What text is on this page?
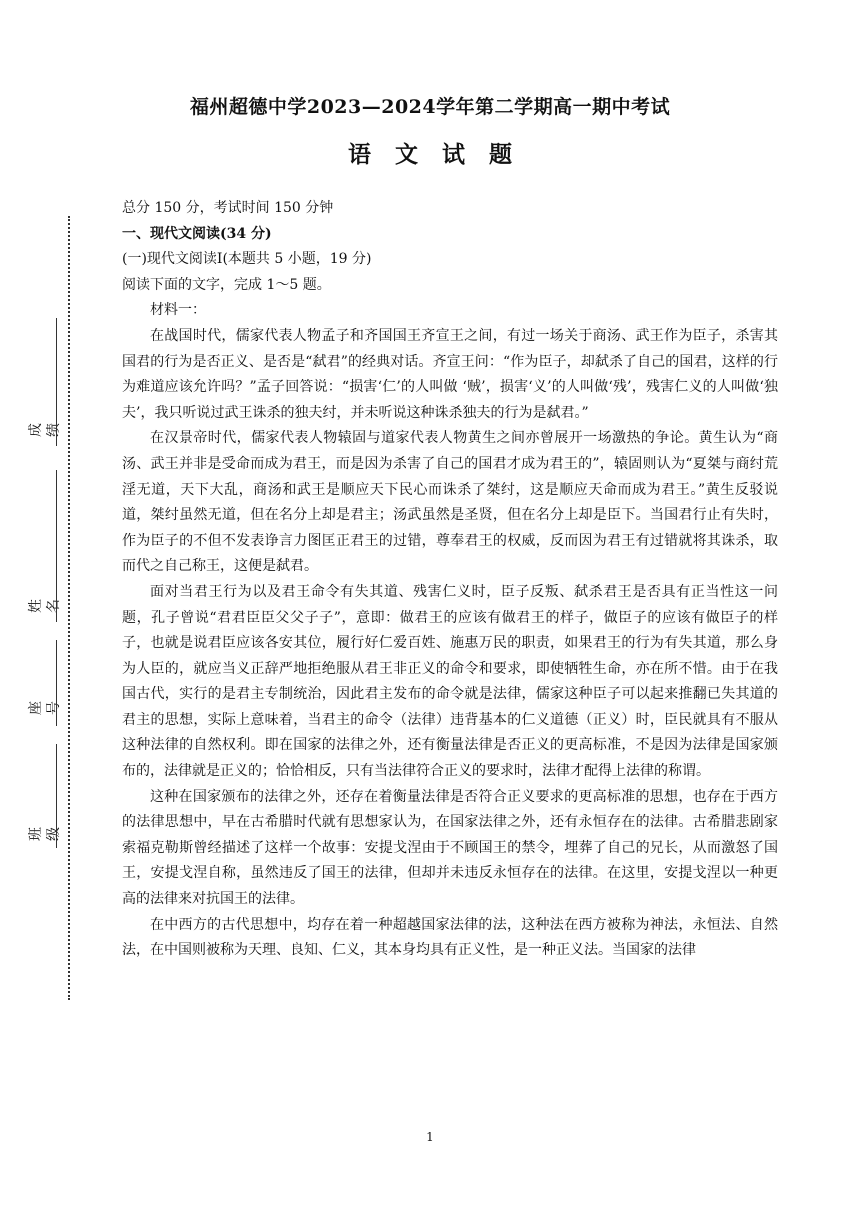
成绩
姓名
座号
班级
福州超德中学2023—2024学年第二学期高一期中考试
语文试题

总分 150 分，考试时间 150 分钟

一、现代文阅读(34 分)

(一)现代文阅读Ⅰ(本题共 5 小题，19 分)

阅读下面的文字，完成 1～5 题。

材料一：

在战国时代，儒家代表人物孟子和齐国国王齐宣王之间，有过一场关于商汤、武王作为臣子，杀害其国君的行为是否正义、是否是“弑君”的经典对话。齐宣王问：“作为臣子，却弑杀了自己的国君，这样的行为难道应该允许吗？”孟子回答说：“损害‘仁’的人叫做 ‘贼’，损害‘义’的人叫做‘残’，残害仁义的人叫做‘独夫’，我只听说过武王诛杀的独夫纣，并未听说这种诛杀独夫的行为是弑君。”

在汉景帝时代，儒家代表人物辕固与道家代表人物黄生之间亦曾展开一场激热的争论。黄生认为“商汤、武王并非是受命而成为君王，而是因为杀害了自己的国君才成为君王的”，辕固则认为“夏桀与商纣荒淫无道，天下大乱，商汤和武王是顺应天下民心而诛杀了桀纣，这是顺应天命而成为君王。”黄生反驳说道，桀纣虽然无道，但在名分上却是君主；汤武虽然是圣贤，但在名分上却是臣下。当国君行止有失时，作为臣子的不但不发表诤言力图匡正君王的过错，尊奉君王的权威，反而因为君王有过错就将其诛杀，取而代之自己称王，这便是弑君。

面对当君王行为以及君王命令有失其道、残害仁义时，臣子反叛、弑杀君王是否具有正当性这一问题，孔子曾说“君君臣臣父父子子”，意即：做君王的应该有做君王的样子，做臣子的应该有做臣子的样子，也就是说君臣应该各安其位，履行好仁爱百姓、施惠万民的职责，如果君王的行为有失其道，那么身为人臣的，就应当义正辞严地拒绝服从君王非正义的命令和要求，即使牺牲生命，亦在所不惜。由于在我国古代，实行的是君主专制统治，因此君主发布的命令就是法律，儒家这种臣子可以起来推翻已失其道的君主的思想，实际上意味着，当君主的命令（法律）违背基本的仁义道德（正义）时，臣民就具有不服从这种法律的自然权利。即在国家的法律之外，还有衡量法律是否正义的更高标准，不是因为法律是国家颁布的，法律就是正义的；恰恰相反，只有当法律符合正义的要求时，法律才配得上法律的称谓。

这种在国家颁布的法律之外，还存在着衡量法律是否符合正义要求的更高标准的思想，也存在于西方的法律思想中，早在古希腊时代就有思想家认为，在国家法律之外，还有永恒存在的法律。古希腊悲剧家索福克勒斯曾经描述了这样一个故事：安提戈涅由于不顾国王的禁令，埋葬了自己的兄长，从而激怒了国王，安提戈涅自称，虽然违反了国王的法律，但却并未违反永恒存在的法律。在这里，安提戈涅以一种更高的法律来对抗国王的法律。

在中西方的古代思想中，均存在着一种超越国家法律的法，这种法在西方被称为神法，永恒法、自然法，在中国则被称为天理、良知、仁义，其本身均具有正义性，是一种正义法。当国家的法律

1
